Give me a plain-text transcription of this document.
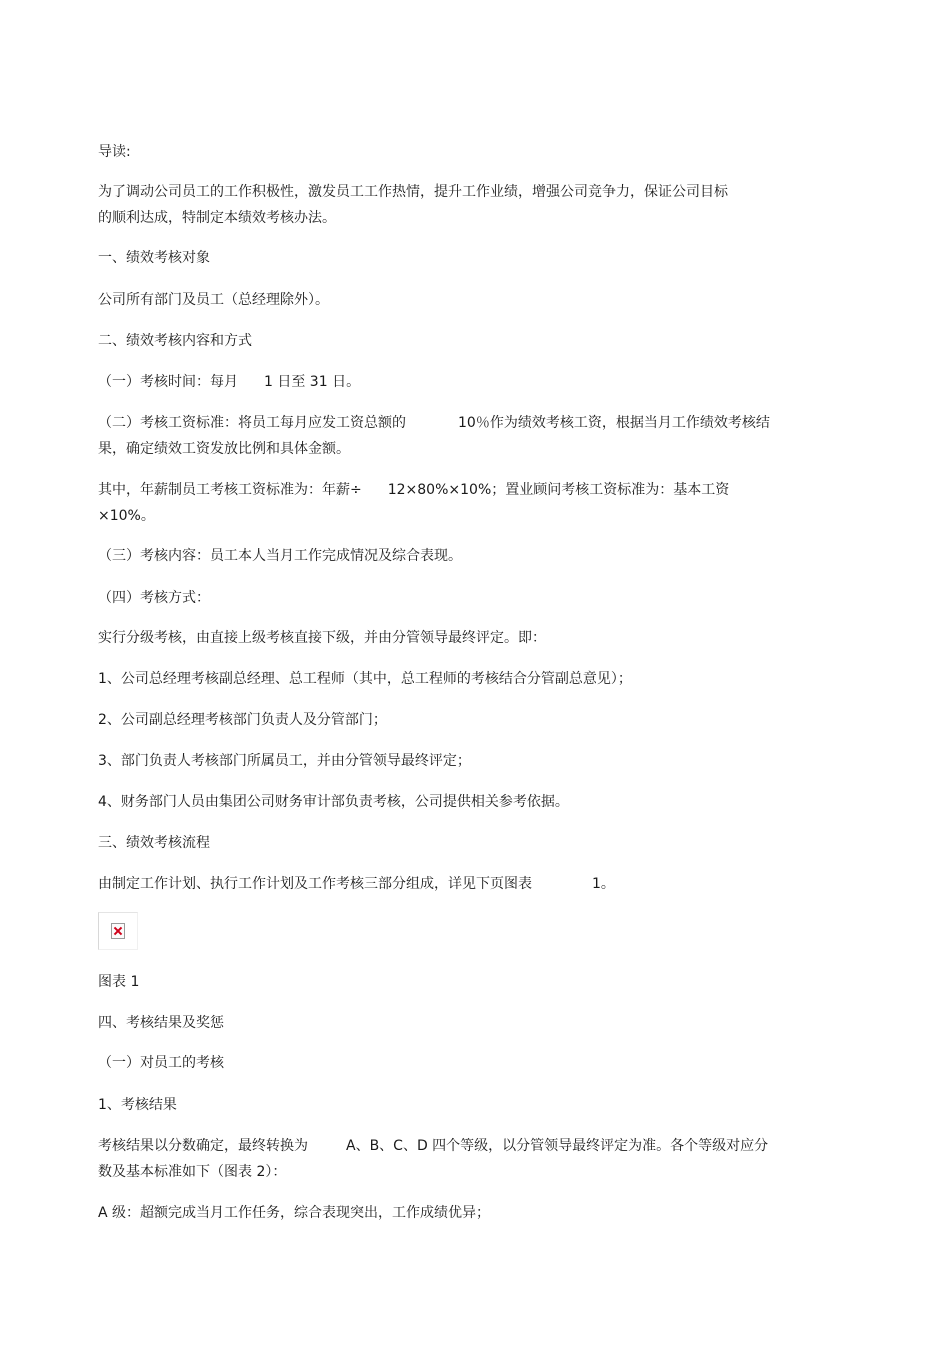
导读:
为了调动公司员工的工作积极性，激发员工工作热情，提升工作业绩，增强公司竞争力，保证公司目标
的顺利达成，特制定本绩效考核办法。
一、绩效考核对象
公司所有部门及员工（总经理除外）。
二、绩效考核内容和方式
（一）考核时间：每月 1 日至 31 日。
（二）考核工资标准：将员工每月应发工资总额的	10％作为绩效考核工资，根据当月工作绩效考核结
果，确定绩效工资发放比例和具体金额。
其中，年薪制员工考核工资标准为：年薪÷ 12×80%×10%；置业顾问考核工资标准为：基本工资
×10%。
（三）考核内容：员工本人当月工作完成情况及综合表现。
（四）考核方式：
实行分级考核，由直接上级考核直接下级，并由分管领导最终评定。即：
1、公司总经理考核副总经理、总工程师（其中，总工程师的考核结合分管副总意见）；
2、公司副总经理考核部门负责人及分管部门；
3、部门负责人考核部门所属员工，并由分管领导最终评定；
4、财务部门人员由集团公司财务审计部负责考核，公司提供相关参考依据。
三、绩效考核流程
由制定工作计划、执行工作计划及工作考核三部分组成，详见下页图表	1。
图表 1
四、考核结果及奖惩
（一）对员工的考核
1、考核结果
考核结果以分数确定，最终转换为	A、B、C、D 四个等级，以分管领导最终评定为准。各个等级对应分
数及基本标准如下（图表 2）：
A 级：超额完成当月工作任务，综合表现突出，工作成绩优异；
